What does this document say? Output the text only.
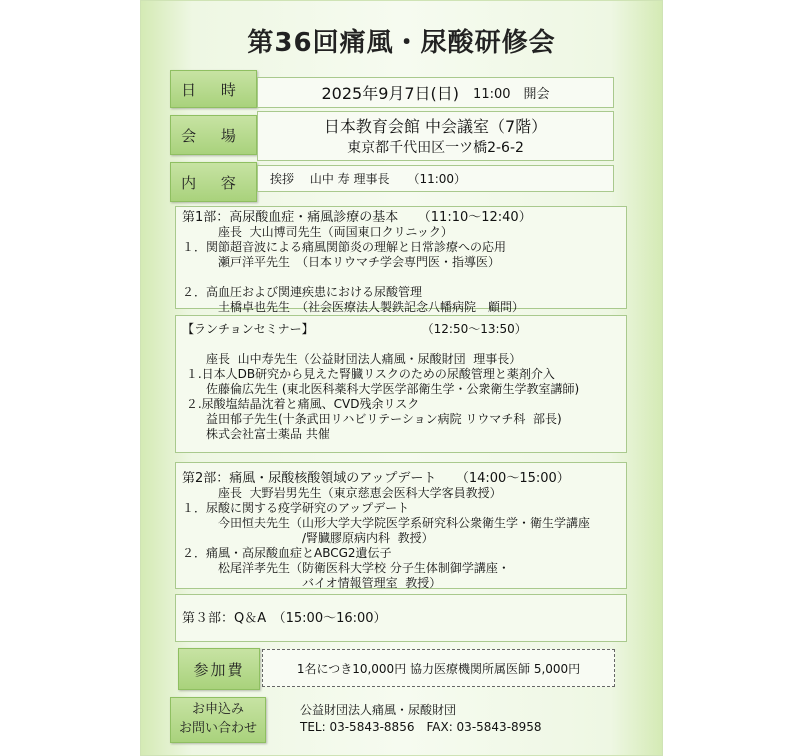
第36回痛風・尿酸研修会
日 時	2025年9月7日(日) 11:00　開会
会 場	日本教育会館 中会議室（7階）
東京都千代田区一ツ橋2-6-2
内 容	挨拶　 山中 寿 理事長　　（11:00）
第1部：高尿酸血症・痛風診療の基本　　（11:10～12:40）
　　　座長  大山博司先生（両国東口クリニック）
１．関節超音波による痛風関節炎の理解と日常診療への応用
　　　瀬戸洋平先生　（日本リウマチ学会専門医・指導医）

２．高血圧および関連疾患における尿酸管理
　　　土橋卓也先生　（社会医療法人製鉄記念八幡病院　顧問）
【ランチョンセミナー】　　　　　　　　　　（12:50～13:50）

　　座長  山中寿先生（公益財団法人痛風・尿酸財団  理事長）
１.日本人DB研究から見えた腎臓リスクのための尿酸管理と薬剤介入
　　佐藤倫広先生 (東北医科薬科大学医学部衛生学・公衆衛生学教室講師)
２.尿酸塩結晶沈着と痛風、CVD残余リスク
　　益田郁子先生(十条武田リハビリテーション病院 リウマチ科  部長)
　　株式会社富士薬品 共催
第2部：痛風・尿酸核酸領域のアップデート　　（14:00～15:00）
　　　座長  大野岩男先生（東京慈恵会医科大学客員教授）
１．尿酸に関する疫学研究のアップデート
　　　今田恒夫先生（山形大学大学院医学系研究科公衆衛生学・衛生学講座
　　　　　　　　　　/腎臓膠原病内科  教授）
２．痛風・高尿酸血症とABCG2遺伝子
　　　松尾洋孝先生（防衛医科大学校 分子生体制御学講座・
　　　　　　　　　　バイオ情報管理室  教授）
第３部：Q＆A　（15:00～16:00）
参加費	1名につき10,000円 協力医療機関所属医師 5,000円
お申込み
お問い合わせ
公益財団法人痛風・尿酸財団
TEL: 03-5843-8856　FAX: 03-5843-8958
